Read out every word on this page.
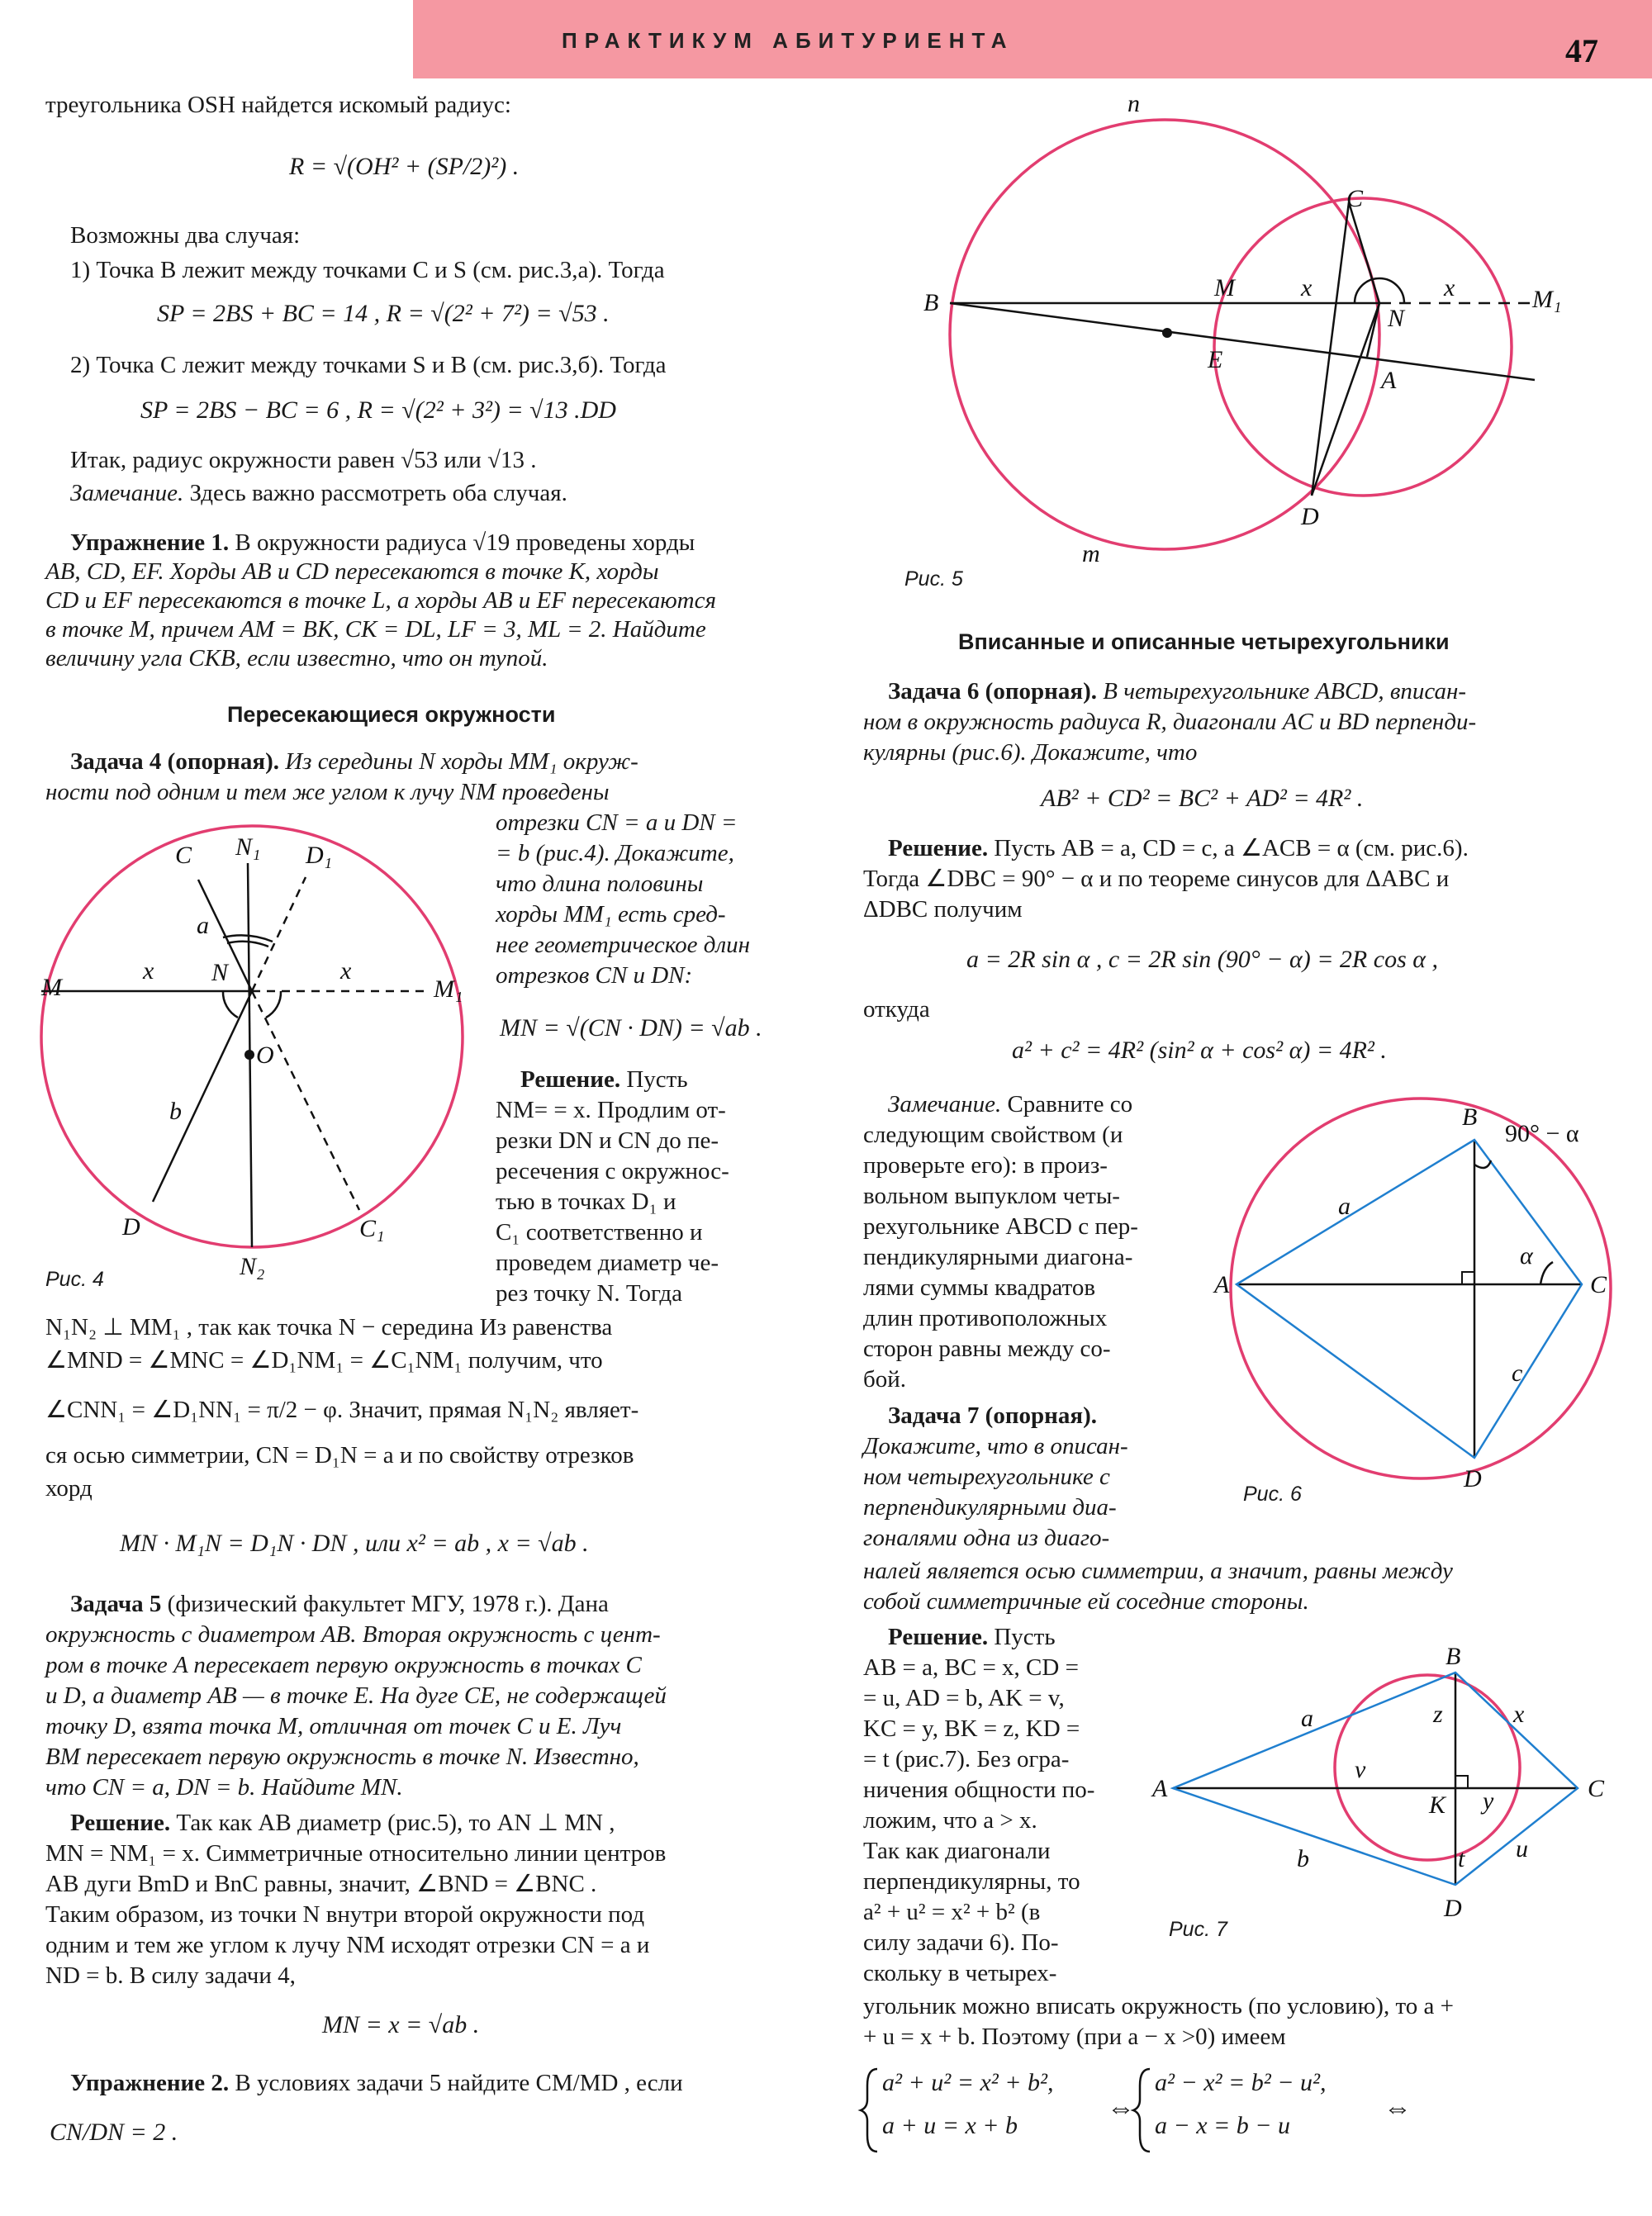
ПРАКТИКУМ АБИТУРИЕНТА	47
треугольника OSH найдется искомый радиус:
R = √(OH² + (SP/2)²) .
Возможны два случая:
1) Точка B лежит между точками C и S (см. рис.3,а). Тогда
SP = 2BS + BC = 14 , R = √(2² + 7²) = √53 .
2) Точка C лежит между точками S и B (см. рис.3,б). Тогда
SP = 2BS − BC = 6 , R = √(2² + 3²) = √13 .DD
Итак, радиус окружности равен √53 или √13 .
Замечание. Здесь важно рассмотреть оба случая.
Упражнение 1. В окружности радиуса √19 проведены хорды
AB, CD, EF. Хорды AB и CD пересекаются в точке K, хорды
CD и EF пересекаются в точке L, а хорды AB и EF пересекаются
в точке M, причем AM = BK, CK = DL, LF = 3, ML = 2. Найдите
величину угла CKB, если известно, что он тупой.
Пересекающиеся окружности
Задача 4 (опорная). Из середины N хорды MM₁ окруж-
ности под одним и тем же углом к лучу NM проведены
отрезки CN = a и DN =
= b (рис.4). Докажите,
что длина половины
хорды MM₁ есть сред-
нее геометрическое длин
отрезков CN и DN:
MN = √(CN · DN) = √ab .
Решение. Пусть
NM= = x. Продлим от-
резки DN и CN до пе-
ресечения с окружнос-
тью в точках D₁ и
C₁ соответственно и
проведем диаметр че-
рез точку N. Тогда
N₁N₂ ⊥ MM₁ , так как точка N − середина Из равенства
∠MND = ∠MNC = ∠D₁NM₁ = ∠C₁NM₁ получим, что
∠CNN₁ = ∠D₁NN₁ = π/2 − φ. Значит, прямая N₁N₂ являет-
ся осью симметрии, CN = D₁N = a и по свойству отрезков
хорд
MN · M₁N = D₁N · DN , или x² = ab , x = √ab .
Задача 5 (физический факультет МГУ, 1978 г.). Дана
окружность с диаметром AB. Вторая окружность с цент-
ром в точке A пересекает первую окружность в точках C
и D, а диаметр AB — в точке E. На дуге CE, не содержащей
точку D, взята точка M, отличная от точек C и E. Луч
BM пересекает первую окружность в точке N. Известно,
что CN = a, DN = b. Найдите MN.
Решение. Так как AB диаметр (рис.5), то AN ⊥ MN ,
MN = NM₁ = x. Симметричные относительно линии центров
AB дуги BmD и BnC равны, значит, ∠BND = ∠BNC .
Таким образом, из точки N внутри второй окружности под
одним и тем же углом к лучу NM исходят отрезки CN = a и
ND = b. В силу задачи 4,
MN = x = √ab .
Упражнение 2. В условиях задачи 5 найдите CM/MD , если
CN/DN = 2 .
C N₁ D₁
a
M
x N	x
M₁
O
b
D	C₁
N₂
Рис. 4
n
C
B
M	x	x	M₁
N
E
A
D
m
Рис. 5
Вписанные и описанные четырехугольники
Задача 6 (опорная). В четырехугольнике ABCD, вписан-
ном в окружность радиуса R, диагонали AC и BD перпенди-
кулярны (рис.6). Докажите, что
AB² + CD² = BC² + AD² = 4R² .
Решение. Пусть AB = a, CD = c, а ∠ACB = α (см. рис.6).
Тогда ∠DBC = 90° − α и по теореме синусов для ΔABC и
ΔDBC получим
a = 2R sin α , c = 2R sin (90° − α) = 2R cos α ,
откуда
a² + c² = 4R² (sin² α + cos² α) = 4R² .
Замечание. Сравните со
следующим свойством (и
проверьте его): в произ-
вольном выпуклом четы-
рехугольнике ABCD с пер-
пендикулярными диагона-
лями суммы квадратов
длин противоположных
сторон равны между со-
бой.
Задача 7 (опорная).
Докажите, что в описан-
ном четырехугольнике с
перпендикулярными диа-
гоналями одна из диаго-
налей является осью симметрии, а значит, равны между
собой симметричные ей соседние стороны.
Решение. Пусть
AB = a, BC = x, CD =
= u, AD = b, AK = v,
KC = y, BK = z, KD =
= t (рис.7). Без огра-
ничения общности по-
ложим, что a > x.
Так как диагонали
перпендикулярны, то
a² + u² = x² + b² (в
силу задачи 6). По-
скольку в четырех-
угольник можно вписать окружность (по условию), то a +
+ u = x + b. Поэтому (при a − x >0) имеем
a² + u² = x² + b²,
a + u = x + b
⇔
a² − x² = b² − u²,
a − x = b − u
⇔
B
90° − α
a
α
A	C
c
D
Рис. 6
B
a	z	x
A
v
K y	C
b	t u
D
Рис. 7
